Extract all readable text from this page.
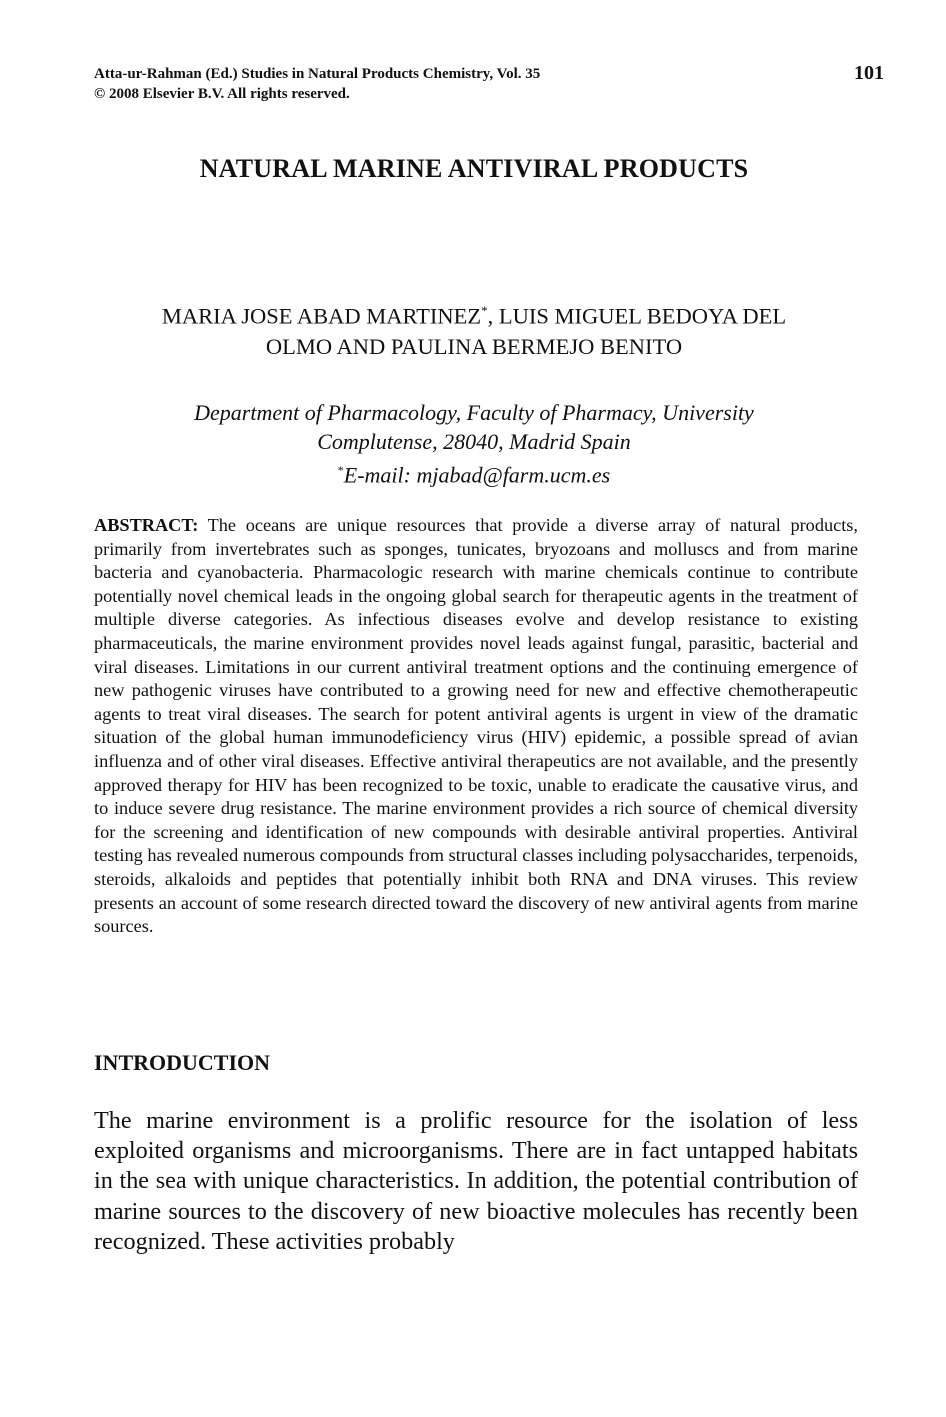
Atta-ur-Rahman (Ed.) Studies in Natural Products Chemistry, Vol. 35
© 2008 Elsevier B.V. All rights reserved.
101
NATURAL MARINE ANTIVIRAL PRODUCTS
MARIA JOSE ABAD MARTINEZ*, LUIS MIGUEL BEDOYA DEL
OLMO AND PAULINA BERMEJO BENITO
Department of Pharmacology, Faculty of Pharmacy, University
Complutense, 28040, Madrid Spain
*E-mail: mjabad@farm.ucm.es
ABSTRACT: The oceans are unique resources that provide a diverse array of natural products, primarily from invertebrates such as sponges, tunicates, bryozoans and molluscs and from marine bacteria and cyanobacteria. Pharmacologic research with marine chemicals continue to contribute potentially novel chemical leads in the ongoing global search for therapeutic agents in the treatment of multiple diverse categories. As infectious diseases evolve and develop resistance to existing pharmaceuticals, the marine environment provides novel leads against fungal, parasitic, bacterial and viral diseases. Limitations in our current antiviral treatment options and the continuing emergence of new pathogenic viruses have contributed to a growing need for new and effective chemotherapeutic agents to treat viral diseases. The search for potent antiviral agents is urgent in view of the dramatic situation of the global human immunodeficiency virus (HIV) epidemic, a possible spread of avian influenza and of other viral diseases. Effective antiviral therapeutics are not available, and the presently approved therapy for HIV has been recognized to be toxic, unable to eradicate the causative virus, and to induce severe drug resistance. The marine environment provides a rich source of chemical diversity for the screening and identification of new compounds with desirable antiviral properties. Antiviral testing has revealed numerous compounds from structural classes including polysaccharides, terpenoids, steroids, alkaloids and peptides that potentially inhibit both RNA and DNA viruses. This review presents an account of some research directed toward the discovery of new antiviral agents from marine sources.
INTRODUCTION
The marine environment is a prolific resource for the isolation of less exploited organisms and microorganisms. There are in fact untapped habitats in the sea with unique characteristics. In addition, the potential contribution of marine sources to the discovery of new bioactive molecules has recently been recognized. These activities probably
